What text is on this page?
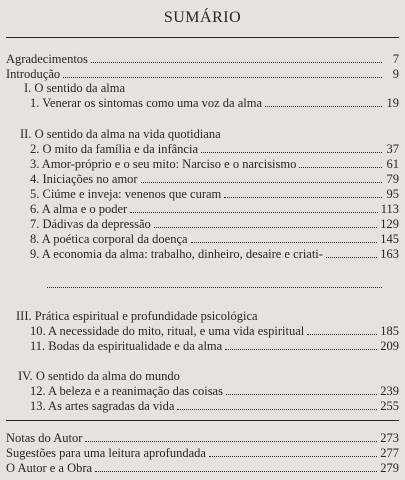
SUMÁRIO
Agradecimentos	7
Introdução	9
I. O sentido da alma
1. Venerar os sintomas como uma voz da alma	19
II. O sentido da alma na vida quotidiana
2. O mito da família e da infância	37
3. Amor-próprio e o seu mito: Narciso e o narcisismo	61
4. Iniciações no amor	79
5. Ciúme e inveja: venenos que curam	95
6. A alma e o poder	113
7. Dádivas da depressão	129
8. A poética corporal da doença	145
9. A economia da alma: trabalho, dinheiro, desaire e criati-	163
III. Prática espiritual e profundidade psicológica
10. A necessidade do mito, ritual, e uma vida espiritual	185
11. Bodas da espiritualidade e da alma	209
IV. O sentido da alma do mundo
12. A beleza e a reanimação das coisas	239
13. As artes sagradas da vida	255
Notas do Autor	273
Sugestões para uma leitura aprofundada	277
O Autor e a Obra	279
